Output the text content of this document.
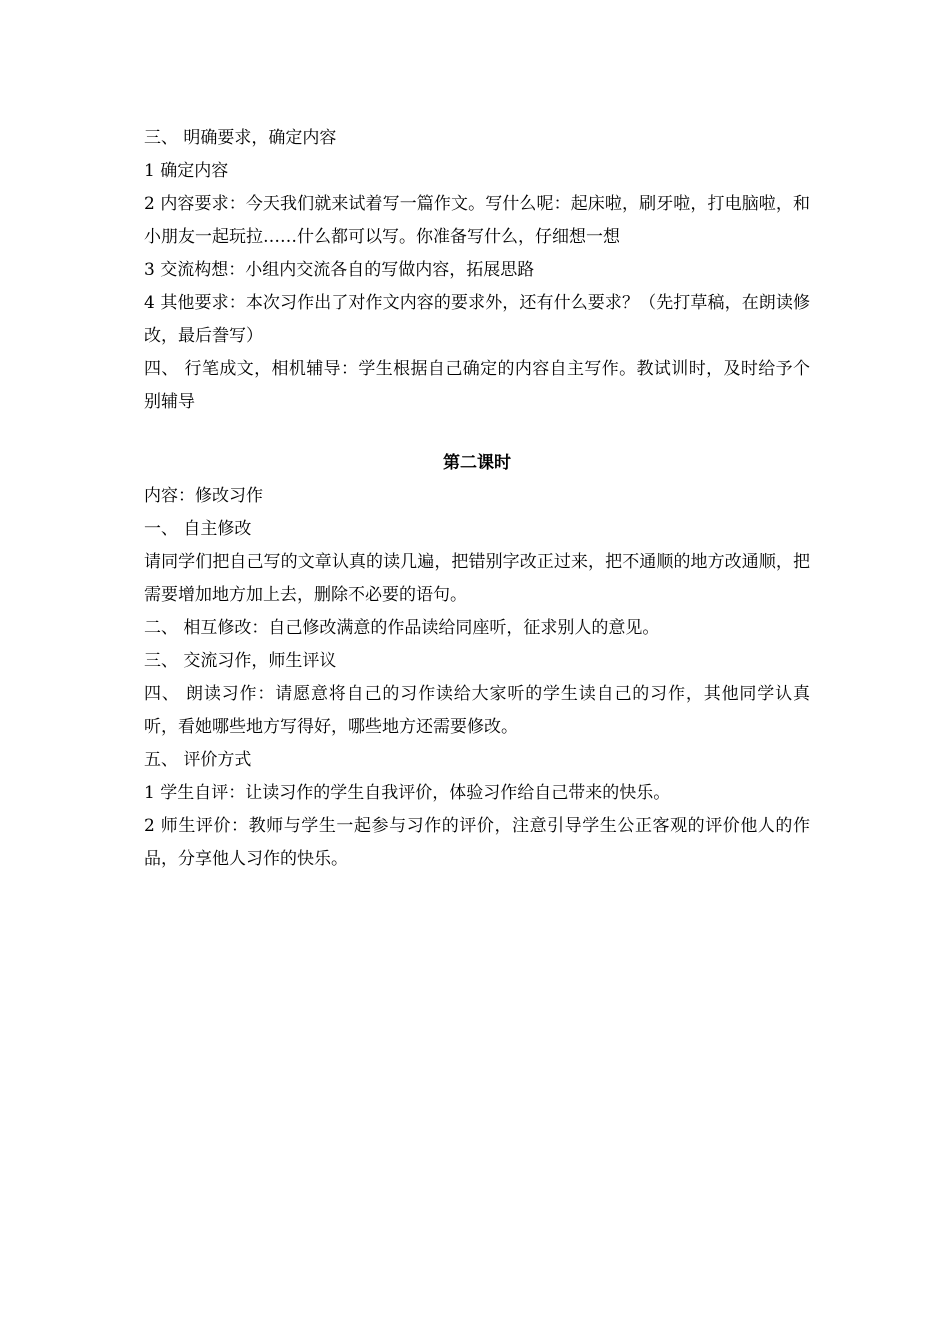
三、 明确要求，确定内容

1 确定内容

2 内容要求：今天我们就来试着写一篇作文。写什么呢：起床啦，刷牙啦，打电脑啦，和小朋友一起玩拉……什么都可以写。你准备写什么，仔细想一想

3 交流构想：小组内交流各自的写做内容，拓展思路

4 其他要求：本次习作出了对作文内容的要求外，还有什么要求？（先打草稿，在朗读修改，最后誊写）

四、 行笔成文，相机辅导：学生根据自己确定的内容自主写作。教试训时，及时给予个别辅导

第二课时

内容：修改习作

一、 自主修改

请同学们把自己写的文章认真的读几遍，把错别字改正过来，把不通顺的地方改通顺，把需要增加地方加上去，删除不必要的语句。

二、 相互修改：自己修改满意的作品读给同座听，征求别人的意见。

三、 交流习作，师生评议

四、 朗读习作：请愿意将自己的习作读给大家听的学生读自己的习作，其他同学认真听，看她哪些地方写得好，哪些地方还需要修改。

五、 评价方式

1 学生自评：让读习作的学生自我评价，体验习作给自己带来的快乐。

2 师生评价：教师与学生一起参与习作的评价，注意引导学生公正客观的评价他人的作品，分享他人习作的快乐。
